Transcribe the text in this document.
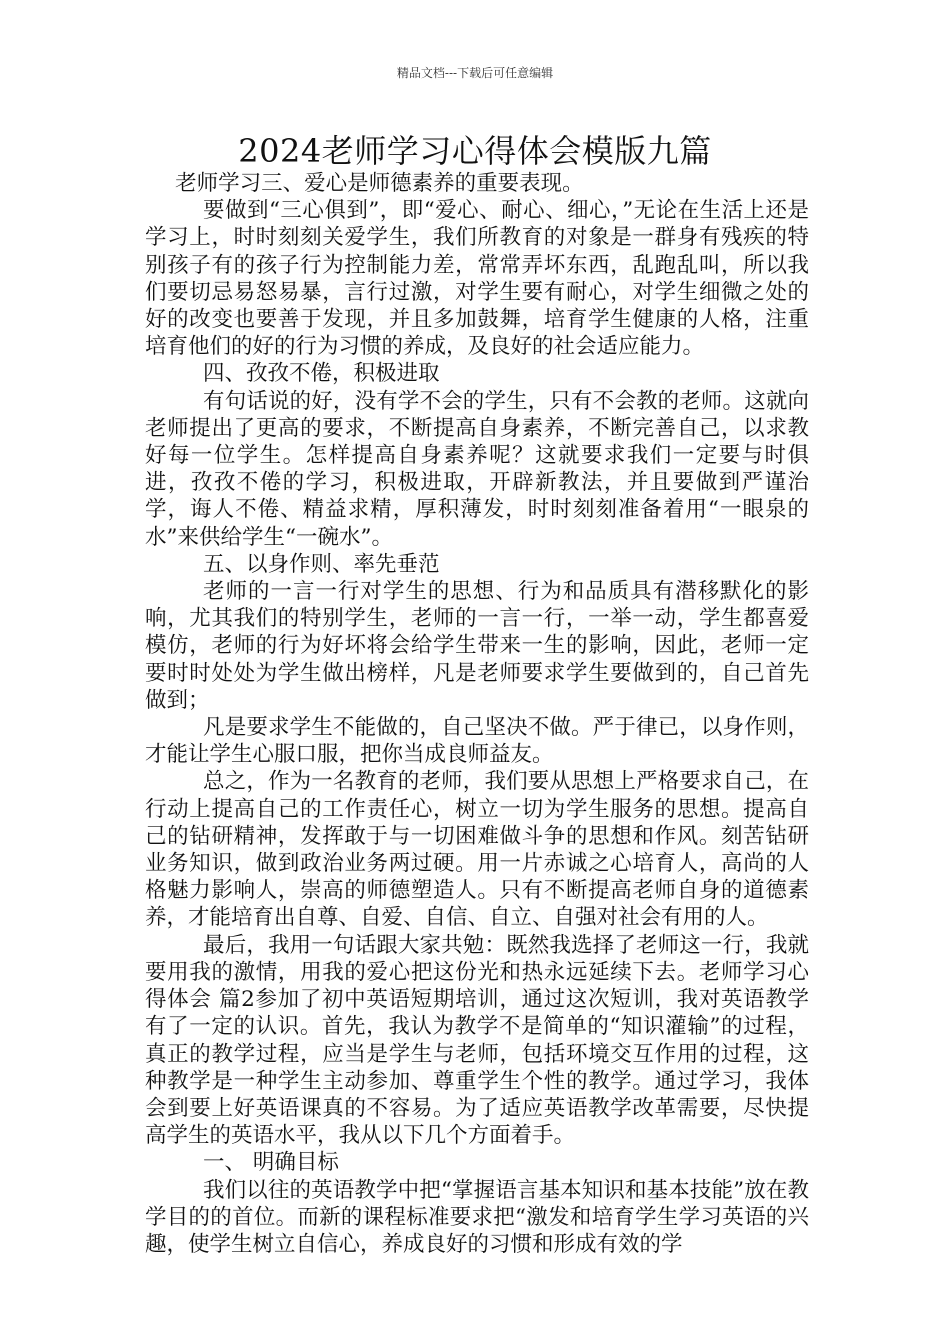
精品文档---下载后可任意编辑
2024老师学习心得体会模版九篇

老师学习三、爱心是师德素养的重要表现。

要做到“三心俱到”，即“爱心、耐心、细心，”无论在生活上还是学习上，时时刻刻关爱学生，我们所教育的对象是一群身有残疾的特别孩子有的孩子行为控制能力差，常常弄坏东西，乱跑乱叫，所以我们要切忌易怒易暴，言行过激，对学生要有耐心，对学生细微之处的好的改变也要善于发现，并且多加鼓舞，培育学生健康的人格，注重培育他们的好的行为习惯的养成，及良好的社会适应能力。

四、孜孜不倦，积极进取

有句话说的好，没有学不会的学生，只有不会教的老师。这就向老师提出了更高的要求，不断提高自身素养，不断完善自己，以求教好每一位学生。怎样提高自身素养呢？这就要求我们一定要与时俱进，孜孜不倦的学习，积极进取，开辟新教法，并且要做到严谨治学，诲人不倦、精益求精，厚积薄发，时时刻刻准备着用“一眼泉的水”来供给学生“一碗水”。

五、以身作则、率先垂范

老师的一言一行对学生的思想、行为和品质具有潜移默化的影响，尤其我们的特别学生，老师的一言一行，一举一动，学生都喜爱模仿，老师的行为好坏将会给学生带来一生的影响，因此，老师一定要时时处处为学生做出榜样，凡是老师要求学生要做到的，自己首先做到；

凡是要求学生不能做的，自己坚决不做。严于律已，以身作则，才能让学生心服口服，把你当成良师益友。

总之，作为一名教育的老师，我们要从思想上严格要求自己，在行动上提高自己的工作责任心，树立一切为学生服务的思想。提高自己的钻研精神，发挥敢于与一切困难做斗争的思想和作风。刻苦钻研业务知识，做到政治业务两过硬。用一片赤诚之心培育人，高尚的人格魅力影响人，崇高的师德塑造人。只有不断提高老师自身的道德素养，才能培育出自尊、自爱、自信、自立、自强对社会有用的人。

最后，我用一句话跟大家共勉：既然我选择了老师这一行，我就要用我的激情，用我的爱心把这份光和热永远延续下去。老师学习心得体会 篇2参加了初中英语短期培训，通过这次短训，我对英语教学有了一定的认识。首先，我认为教学不是简单的“知识灌输”的过程，真正的教学过程，应当是学生与老师，包括环境交互作用的过程，这种教学是一种学生主动参加、尊重学生个性的教学。通过学习，我体会到要上好英语课真的不容易。为了适应英语教学改革需要，尽快提高学生的英语水平，我从以下几个方面着手。

一、 明确目标

我们以往的英语教学中把“掌握语言基本知识和基本技能”放在教学目的的首位。而新的课程标准要求把“激发和培育学生学习英语的兴趣，使学生树立自信心，养成良好的习惯和形成有效的学
